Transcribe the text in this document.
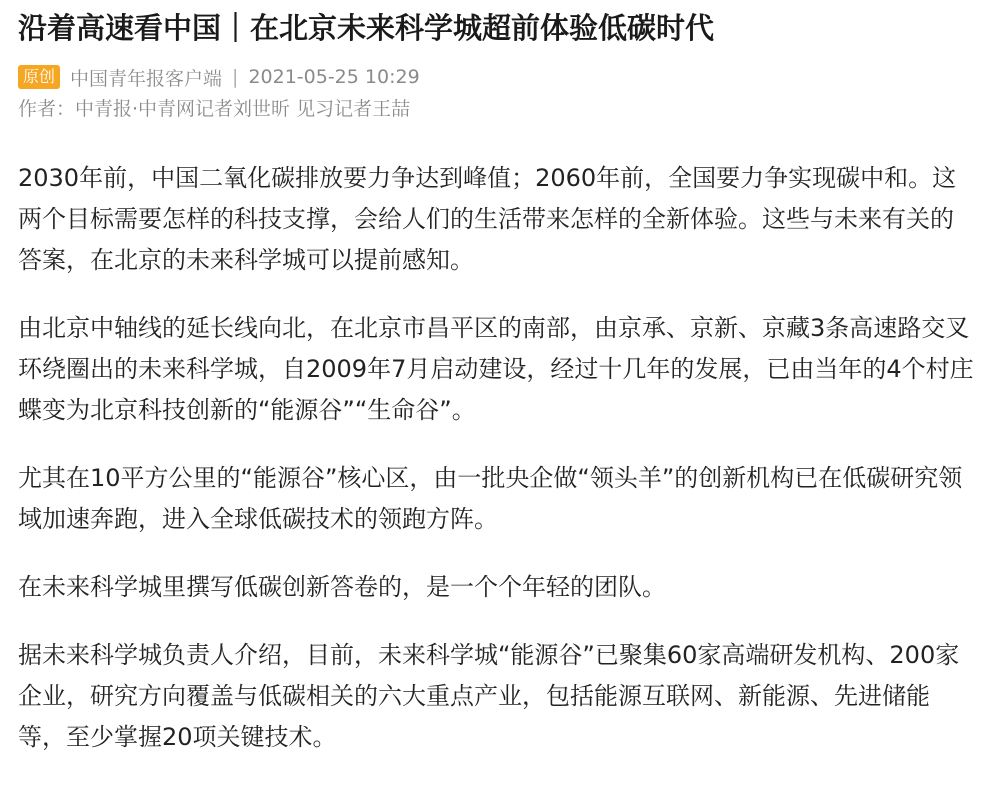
沿着高速看中国｜在北京未来科学城超前体验低碳时代
原创 中国青年报客户端 | 2021-05-25 10:29
作者：中青报·中青网记者刘世昕 见习记者王喆

2030年前，中国二氧化碳排放要力争达到峰值；2060年前，全国要力争实现碳中和。这两个目标需要怎样的科技支撑，会给人们的生活带来怎样的全新体验。这些与未来有关的答案，在北京的未来科学城可以提前感知。

由北京中轴线的延长线向北，在北京市昌平区的南部，由京承、京新、京藏3条高速路交叉环绕圈出的未来科学城，自2009年7月启动建设，经过十几年的发展，已由当年的4个村庄蝶变为北京科技创新的“能源谷”“生命谷”。

尤其在10平方公里的“能源谷”核心区，由一批央企做“领头羊”的创新机构已在低碳研究领域加速奔跑，进入全球低碳技术的领跑方阵。

在未来科学城里撰写低碳创新答卷的，是一个个年轻的团队。

据未来科学城负责人介绍，目前，未来科学城“能源谷”已聚集60家高端研发机构、200家企业，研究方向覆盖与低碳相关的六大重点产业，包括能源互联网、新能源、先进储能等，至少掌握20项关键技术。
